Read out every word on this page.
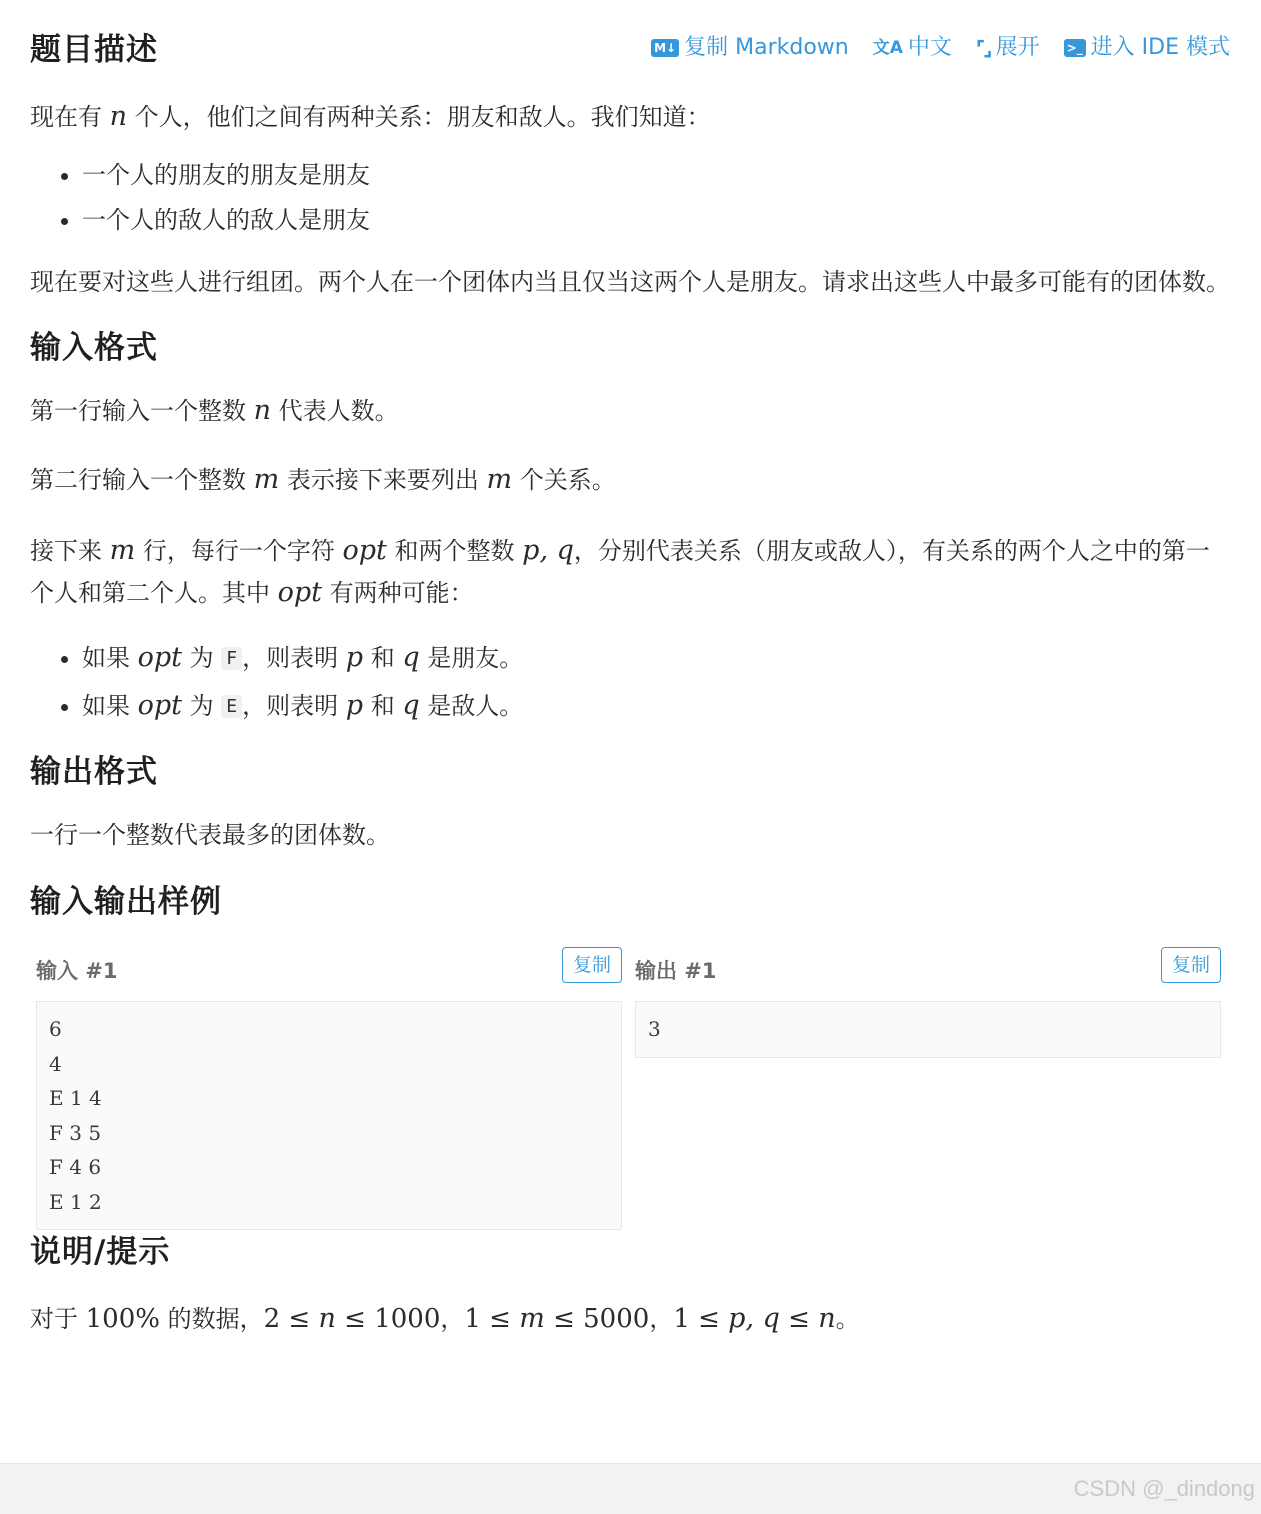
题目描述	M↓ 复制 Markdown 文A 中文 ⌜⌟ 展开 >_ 进入 IDE 模式

现在有 n 个人，他们之间有两种关系：朋友和敌人。我们知道：

• 一个人的朋友的朋友是朋友
• 一个人的敌人的敌人是朋友

现在要对这些人进行组团。两个人在一个团体内当且仅当这两个人是朋友。请求出这些人中最多可能有的团体数。

输入格式

第一行输入一个整数 n 代表人数。

第二行输入一个整数 m 表示接下来要列出 m 个关系。

接下来 m 行，每行一个字符 opt 和两个整数 p, q，分别代表关系（朋友或敌人），有关系的两个人之中的第一个人和第二个人。其中 opt 有两种可能：

• 如果 opt 为 F ，则表明 p 和 q 是朋友。
• 如果 opt 为 E ，则表明 p 和 q 是敌人。
输出格式

一行一个整数代表最多的团体数。

输入输出样例
输入 #1	复制
6
4
E 1 4
F 3 5
F 4 6
E 1 2
输出 #1	复制
3
说明/提示

对于 100% 的数据，2 ≤ n ≤ 1000，1 ≤ m ≤ 5000，1 ≤ p, q ≤ n。

CSDN @_dindong
